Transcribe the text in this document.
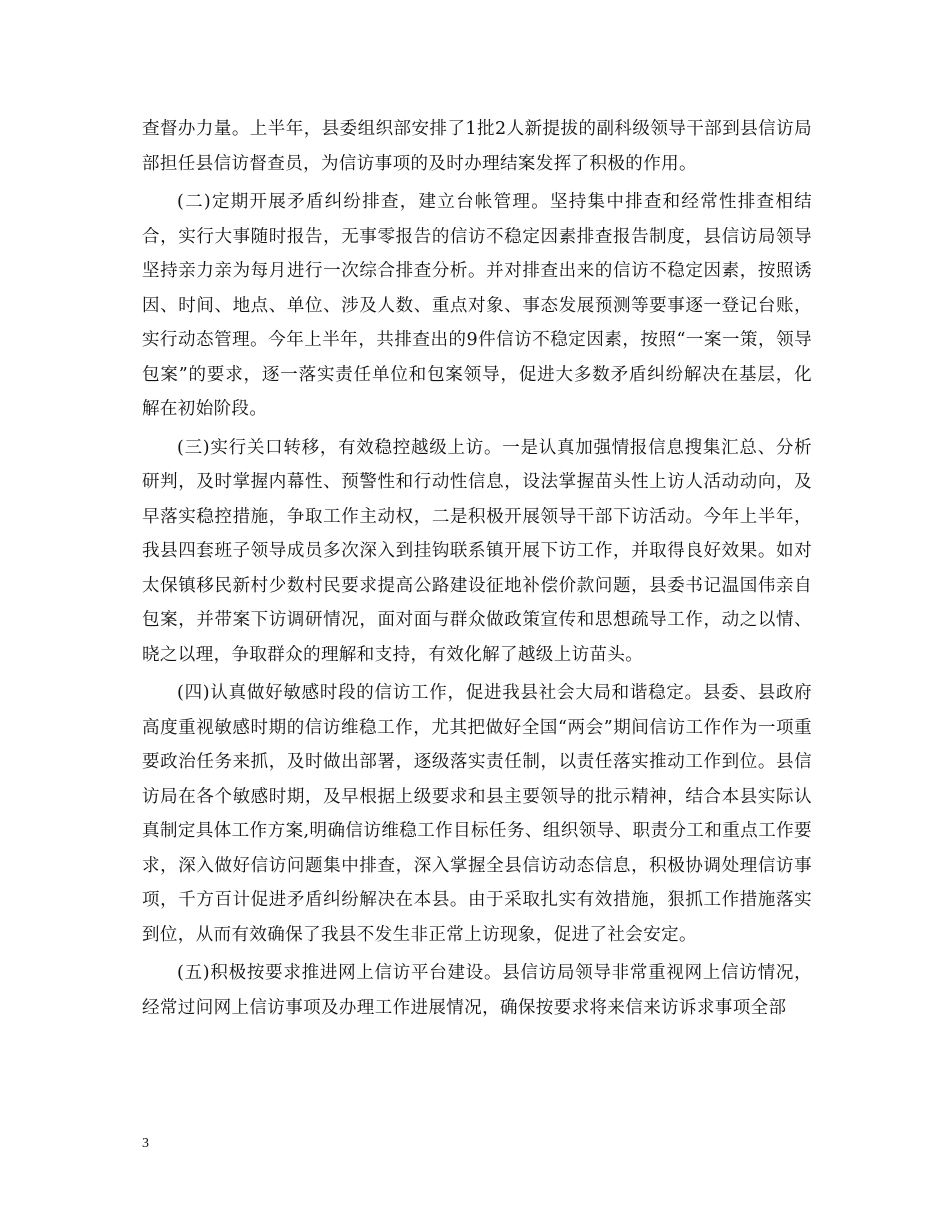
查督办力量。上半年，县委组织部安排了1批2人新提拔的副科级领导干部到县信访局部担任县信访督查员，为信访事项的及时办理结案发挥了积极的作用。

(二)定期开展矛盾纠纷排查，建立台帐管理。坚持集中排查和经常性排查相结合，实行大事随时报告，无事零报告的信访不稳定因素排查报告制度，县信访局领导坚持亲力亲为每月进行一次综合排查分析。并对排查出来的信访不稳定因素，按照诱因、时间、地点、单位、涉及人数、重点对象、事态发展预测等要事逐一登记台账，实行动态管理。今年上半年，共排查出的9件信访不稳定因素，按照“一案一策，领导包案”的要求，逐一落实责任单位和包案领导，促进大多数矛盾纠纷解决在基层，化解在初始阶段。

(三)实行关口转移，有效稳控越级上访。一是认真加强情报信息搜集汇总、分析研判，及时掌握内幕性、预警性和行动性信息，设法掌握苗头性上访人活动动向，及早落实稳控措施，争取工作主动权，二是积极开展领导干部下访活动。今年上半年，我县四套班子领导成员多次深入到挂钩联系镇开展下访工作，并取得良好效果。如对太保镇移民新村少数村民要求提高公路建设征地补偿价款问题，县委书记温国伟亲自包案，并带案下访调研情况，面对面与群众做政策宣传和思想疏导工作，动之以情、晓之以理，争取群众的理解和支持，有效化解了越级上访苗头。

(四)认真做好敏感时段的信访工作，促进我县社会大局和谐稳定。县委、县政府高度重视敏感时期的信访维稳工作，尤其把做好全国“两会”期间信访工作作为一项重要政治任务来抓，及时做出部署，逐级落实责任制，以责任落实推动工作到位。县信访局在各个敏感时期，及早根据上级要求和县主要领导的批示精神，结合本县实际认真制定具体工作方案,明确信访维稳工作目标任务、组织领导、职责分工和重点工作要求，深入做好信访问题集中排查，深入掌握全县信访动态信息，积极协调处理信访事项，千方百计促进矛盾纠纷解决在本县。由于采取扎实有效措施，狠抓工作措施落实到位，从而有效确保了我县不发生非正常上访现象，促进了社会安定。

(五)积极按要求推进网上信访平台建设。县信访局领导非常重视网上信访情况，经常过问网上信访事项及办理工作进展情况，确保按要求将来信来访诉求事项全部

3
